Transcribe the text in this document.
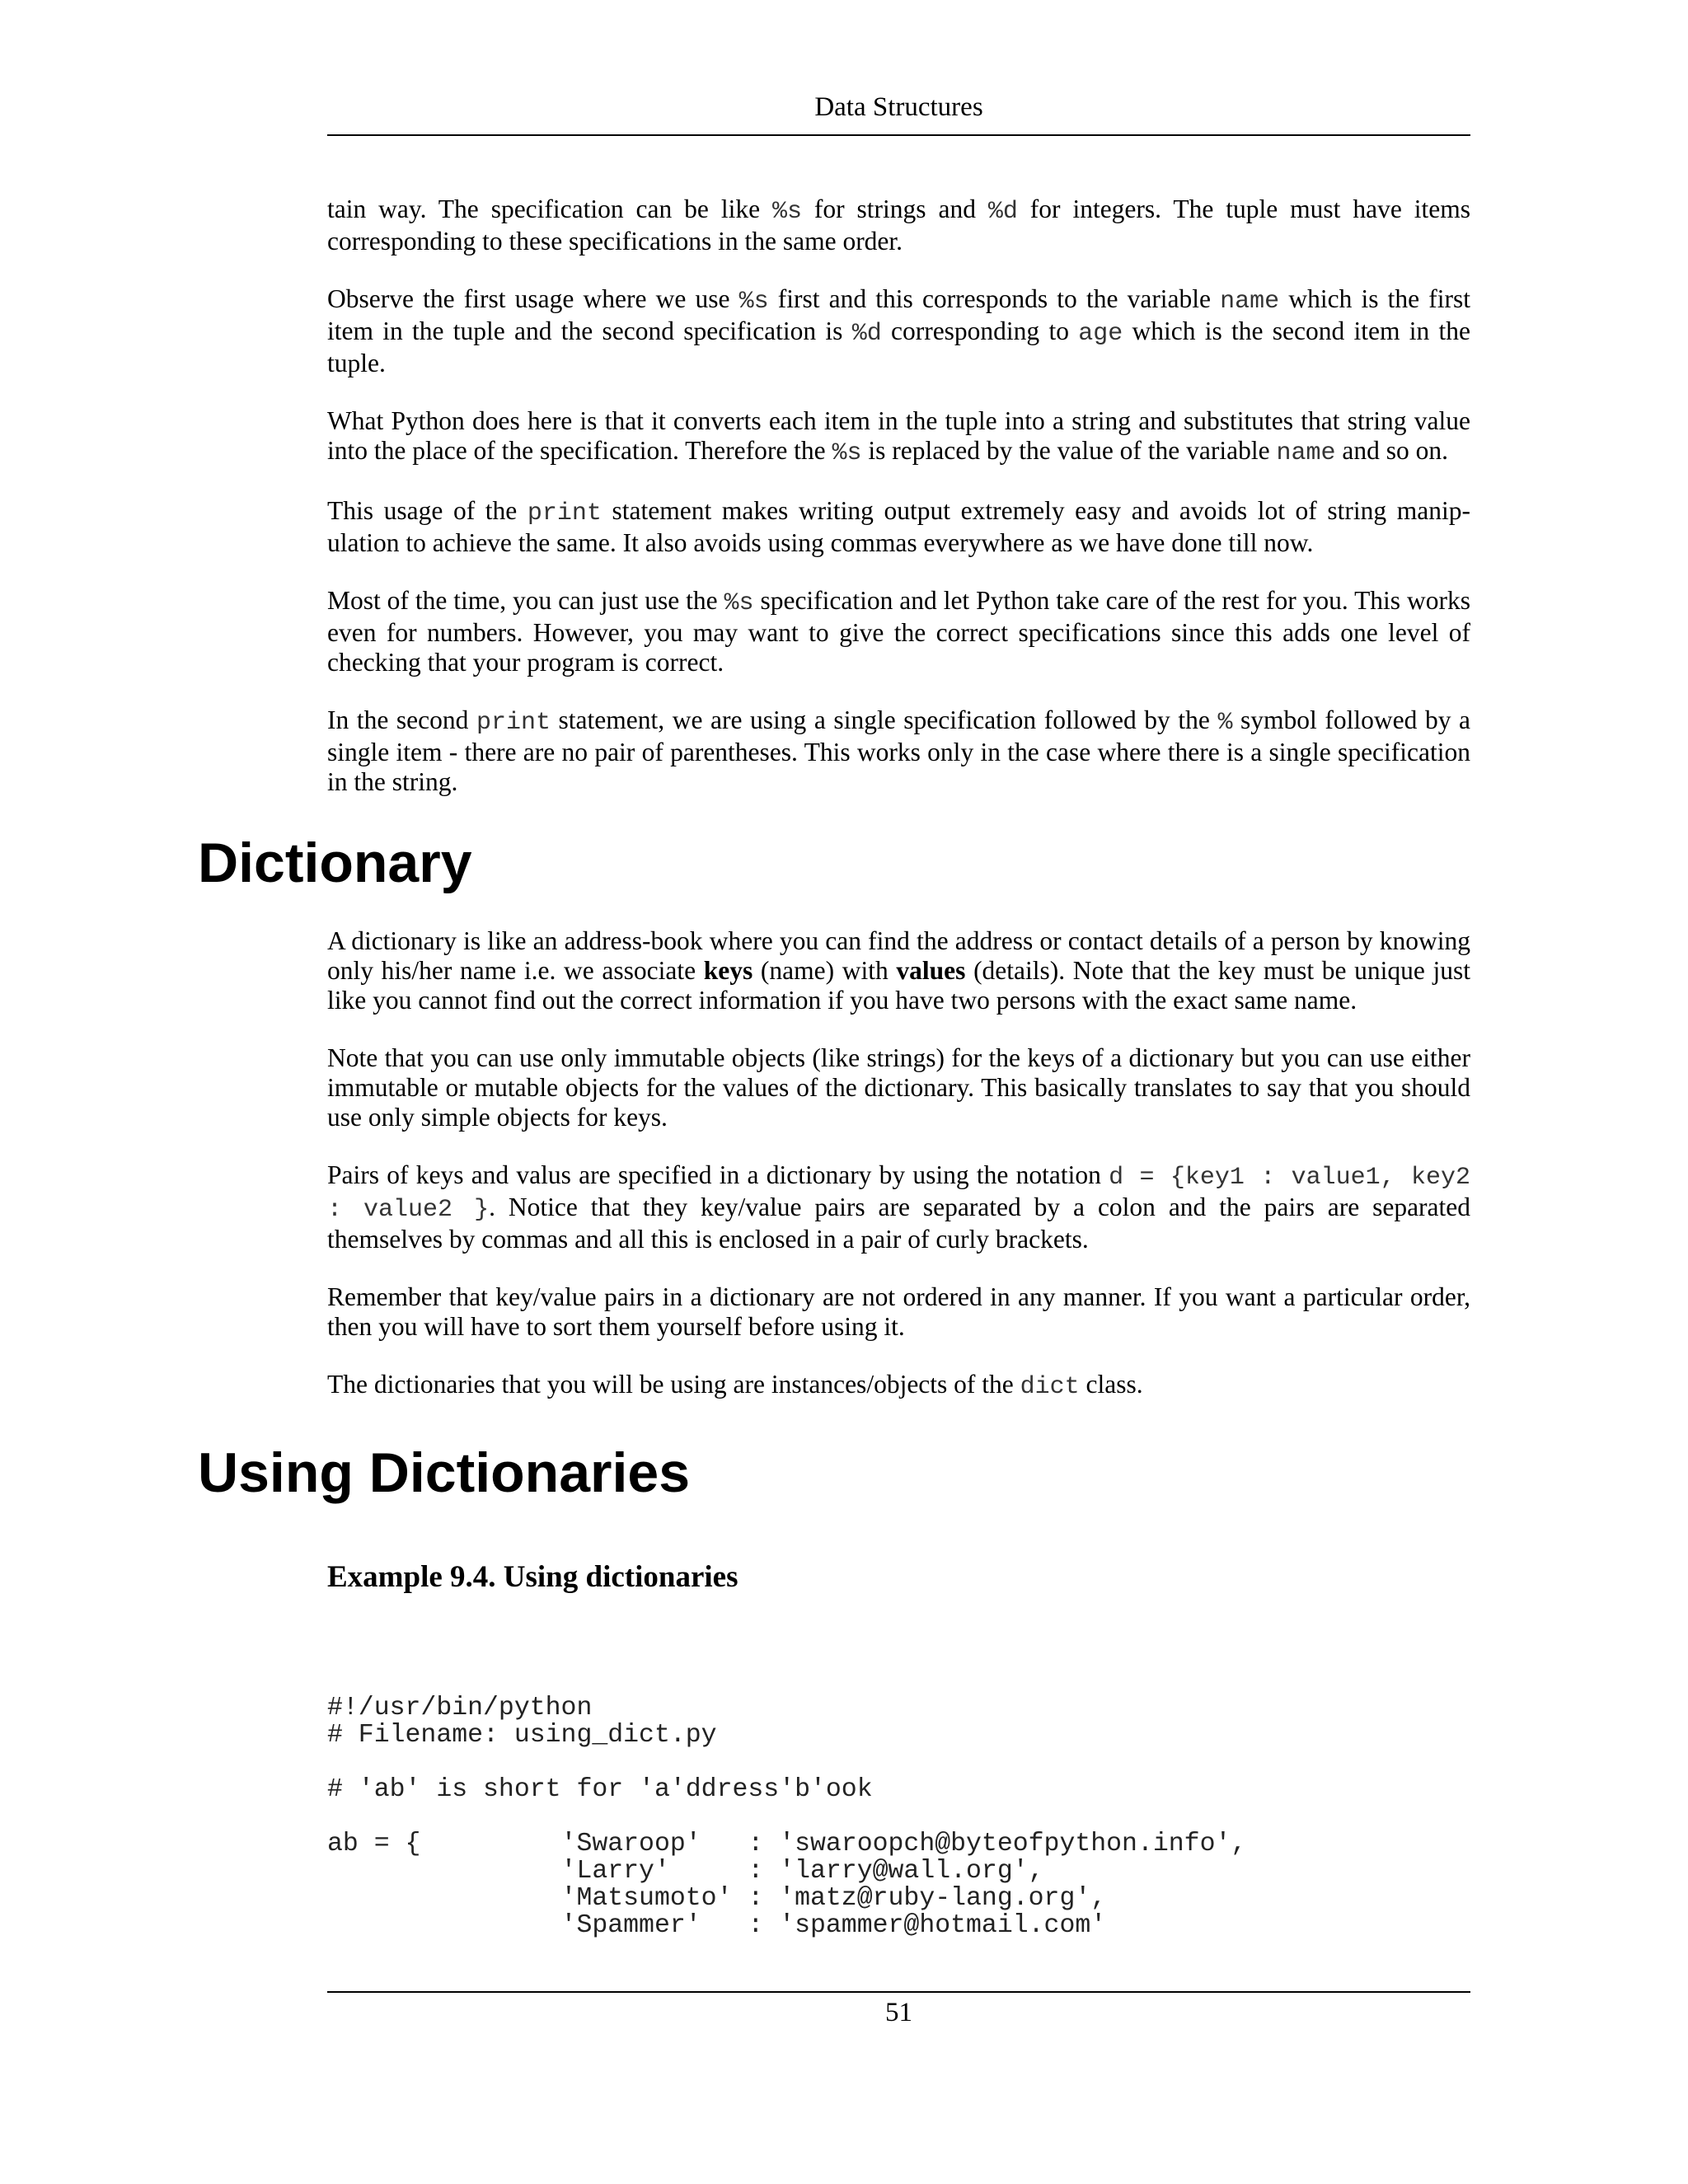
Data Structures

tain way. The specification can be like %s for strings and %d for integers. The tuple must have items corresponding to these specifications in the same order.

Observe the first usage where we use %s first and this corresponds to the variable name which is the first item in the tuple and the second specification is %d corresponding to age which is the second item in the tuple.

What Python does here is that it converts each item in the tuple into a string and substitutes that string value into the place of the specification. Therefore the %s is replaced by the value of the variable name and so on.

This usage of the print statement makes writing output extremely easy and avoids lot of string manipulation to achieve the same. It also avoids using commas everywhere as we have done till now.

Most of the time, you can just use the %s specification and let Python take care of the rest for you. This works even for numbers. However, you may want to give the correct specifications since this adds one level of checking that your program is correct.

In the second print statement, we are using a single specification followed by the % symbol followed by a single item - there are no pair of parentheses. This works only in the case where there is a single specification in the string.

Dictionary

A dictionary is like an address-book where you can find the address or contact details of a person by knowing only his/her name i.e. we associate keys (name) with values (details). Note that the key must be unique just like you cannot find out the correct information if you have two persons with the exact same name.

Note that you can use only immutable objects (like strings) for the keys of a dictionary but you can use either immutable or mutable objects for the values of the dictionary. This basically translates to say that you should use only simple objects for keys.

Pairs of keys and valus are specified in a dictionary by using the notation d = {key1 : value1, key2 : value2 }. Notice that they key/value pairs are separated by a colon and the pairs are separated themselves by commas and all this is enclosed in a pair of curly brackets.

Remember that key/value pairs in a dictionary are not ordered in any manner. If you want a particular order, then you will have to sort them yourself before using it.

The dictionaries that you will be using are instances/objects of the dict class.

Using Dictionaries
Example 9.4. Using dictionaries
#!/usr/bin/python
# Filename: using_dict.py

# 'ab' is short for 'a'ddress'b'ook

ab = {         'Swaroop'   : 'swaroopch@byteofpython.info',
'Larry'     : 'larry@wall.org',
'Matsumoto' : 'matz@ruby-lang.org',
'Spammer'   : 'spammer@hotmail.com'
51
